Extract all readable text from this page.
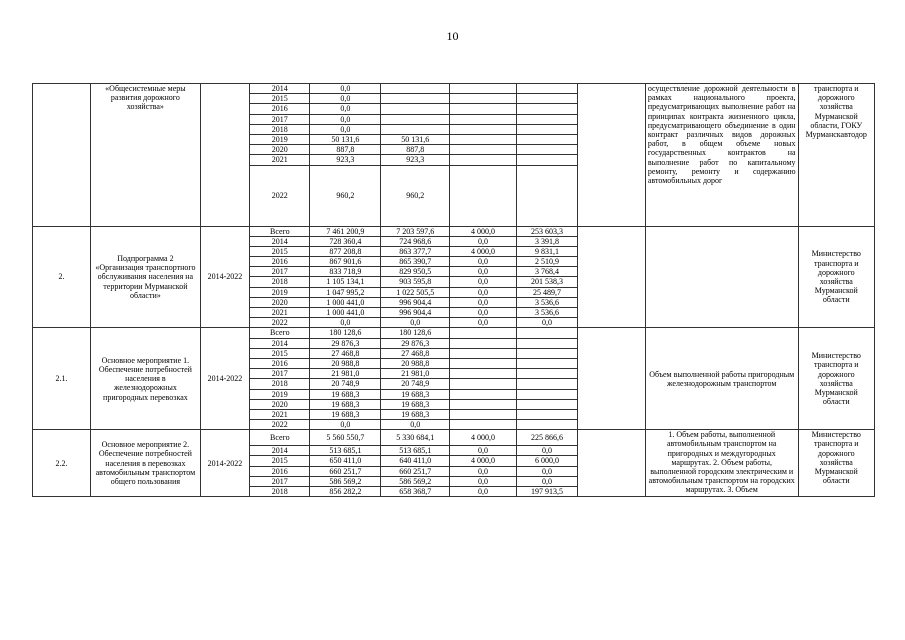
10
	«Общесистемные меры развития дорожного хозяйства»		2014	0,0					осуществление дорожной деятельности в рамках национального проекта, предусматривающих выполнение работ на принципах контракта жизненного цикла, предусматривающего объединение в один контракт различных видов дорожных работ, в общем объеме новых государственных контрактов на выполнение работ по капитальному ремонту, ремонту и содержанию автомобильных дорог	транспорта и дорожного хозяйства Мурманской области, ГОКУ Мурманскавтодор
			2015	0,0						
			2016	0,0						
			2017	0,0						
			2018	0,0						
			2019	50 131,6	50 131,6					
			2020	887,8	887,8					
			2021	923,3	923,3					
			2022	960,2	960,2					
2.	Подпрограмма 2 «Организация транспортного обслуживания населения на территории Мурманской области»	2014-2022	Всего	7 461 200,9	7 203 597,6	4 000,0	253 603,3			Министерство транспорта и дорожного хозяйства Мурманской области
			2014	728 360,4	724 968,6	0,0	3 391,8			
			2015	877 208,8	863 377,7	4 000,0	9 831,1			
			2016	867 901,6	865 390,7	0,0	2 510,9			
			2017	833 718,9	829 950,5	0,0	3 768,4			
			2018	1 105 134,1	903 595,8	0,0	201 538,3			
			2019	1 047 995,2	1 022 505,5	0,0	25 489,7			
			2020	1 000 441,0	996 904,4	0,0	3 536,6			
			2021	1 000 441,0	996 904,4	0,0	3 536,6			
			2022	0,0	0,0	0,0	0,0			
2.1.	Основное мероприятие 1. Обеспечение потребностей населения в железнодорожных пригородных перевозках	2014-2022	Всего	180 128,6	180 128,6				Объем выполненной работы пригородным железнодорожным транспортом	Министерство транспорта и дорожного хозяйства Мурманской области
			2014	29 876,3	29 876,3					
			2015	27 468,8	27 468,8					
			2016	20 988,8	20 988,8					
			2017	21 981,0	21 981,0					
			2018	20 748,9	20 748,9					
			2019	19 688,3	19 688,3					
			2020	19 688,3	19 688,3					
			2021	19 688,3	19 688,3					
			2022	0,0	0,0					
2.2.	Основное мероприятие 2. Обеспечение потребностей населения в перевозках автомобильным транспортом общего пользования	2014-2022	Всего	5 560 550,7	5 330 684,1	4 000,0	225 866,6		1. Объем работы, выполненной автомобильным транспортом на пригородных и междугородных маршрутах. 2. Объем работы, выполненной городским электрическим и автомобильным транспортом на городских маршрутах. 3. Объем	Министерство транспорта и дорожного хозяйства Мурманской области
			2014	513 685,1	513 685,1	0,0	0,0			
			2015	650 411,0	640 411,0	4 000,0	6 000,0			
			2016	660 251,7	660 251,7	0,0	0,0			
			2017	586 569,2	586 569,2	0,0	0,0			
			2018	856 282,2	658 368,7	0,0	197 913,5			
